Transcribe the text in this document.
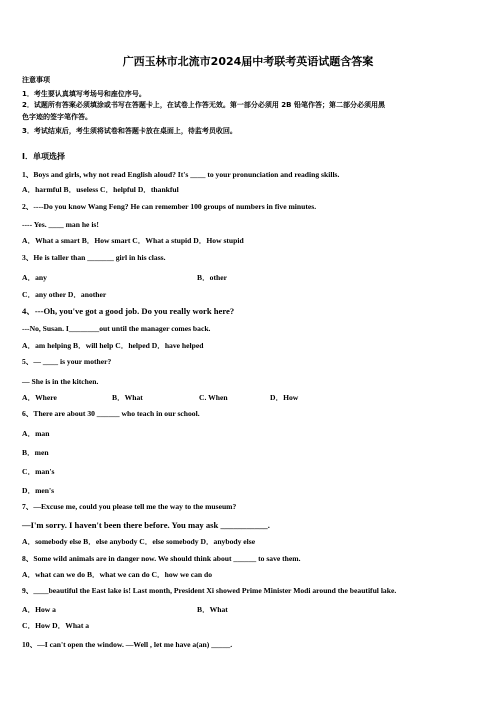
广西玉林市北流市2024届中考联考英语试题含答案
注意事项
1．考生要认真填写考场号和座位序号。
2．试题所有答案必须填涂或书写在答题卡上，在试卷上作答无效。第一部分必须用 2B 铅笔作答；第二部分必须用黑
色字迹的签字笔作答。
3．考试结束后，考生须将试卷和答题卡放在桌面上，待监考员收回。
Ⅰ．单项选择
1、Boys and girls, why not read English aloud? It's ____ to your pronunciation and reading skills.
A．harmful B．useless C．helpful D．thankful
2、----Do you know Wang Feng? He can remember 100 groups of numbers in five minutes.
---- Yes. ____ man he is!
A．What a smart B．How smart C．What a stupid D．How stupid
3、He is taller than _______ girl in his class.
A．any	B．other
C．any other D．another
4、---Oh, you've got a good job. Do you really work here?
---No, Susan. I________out until the manager comes back.
A．am helping B．will help C．helped D．have helped
5、— ____ is your mother?
— She is in the kitchen.
A．Where	B．What	C. When	D．How
6、There are about 30 ______ who teach in our school.
A．man
B．men
C．man's
D．men's
7、—Excuse me, could you please tell me the way to the museum?
—I'm sorry. I haven't been there before. You may ask ___________.
A．somebody else B．else anybody C．else somebody D．anybody else
8、Some wild animals are in danger now. We should think about ______ to save them.
A．what can we do B．what we can do C．how we can do
9、____beautiful the East lake is! Last month, President Xi showed Prime Minister Modi around the beautiful lake.
A．How a	B．What
C．How D．What a
10、—I can't open the window. —Well , let me have a(an) _____.
